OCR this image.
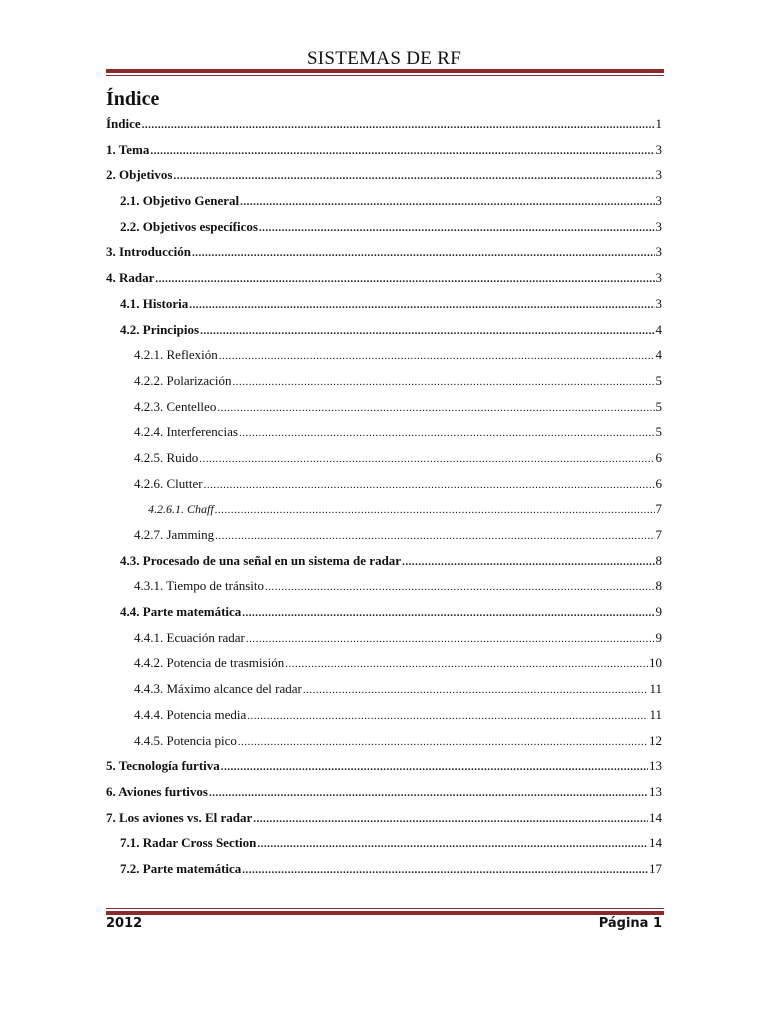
SISTEMAS DE RF
Índice
Índice .....	1
1. Tema .....	3
2. Objetivos .....	3
2.1. Objetivo General .....	3
2.2. Objetivos específicos .....	3
3. Introducción .....	3
4. Radar .....	3
4.1. Historia .....	3
4.2. Principios .....	4
4.2.1. Reflexión .....	4
4.2.2. Polarización .....	5
4.2.3. Centelleo .....	5
4.2.4. Interferencias .....	5
4.2.5. Ruido .....	6
4.2.6. Clutter .....	6
4.2.6.1. Chaff .....	7
4.2.7. Jamming .....	7
4.3. Procesado de una señal en un sistema de radar .....	8
4.3.1. Tiempo de tránsito .....	8
4.4. Parte matemática .....	9
4.4.1. Ecuación radar .....	9
4.4.2. Potencia de trasmisión .....	10
4.4.3. Máximo alcance del radar .....	11
4.4.4. Potencia media .....	11
4.4.5. Potencia pico .....	12
5. Tecnología furtiva .....	13
6. Aviones furtivos .....	13
7. Los aviones vs. El radar .....	14
7.1. Radar Cross Section .....	14
7.2. Parte matemática .....	17
2012	Página 1
